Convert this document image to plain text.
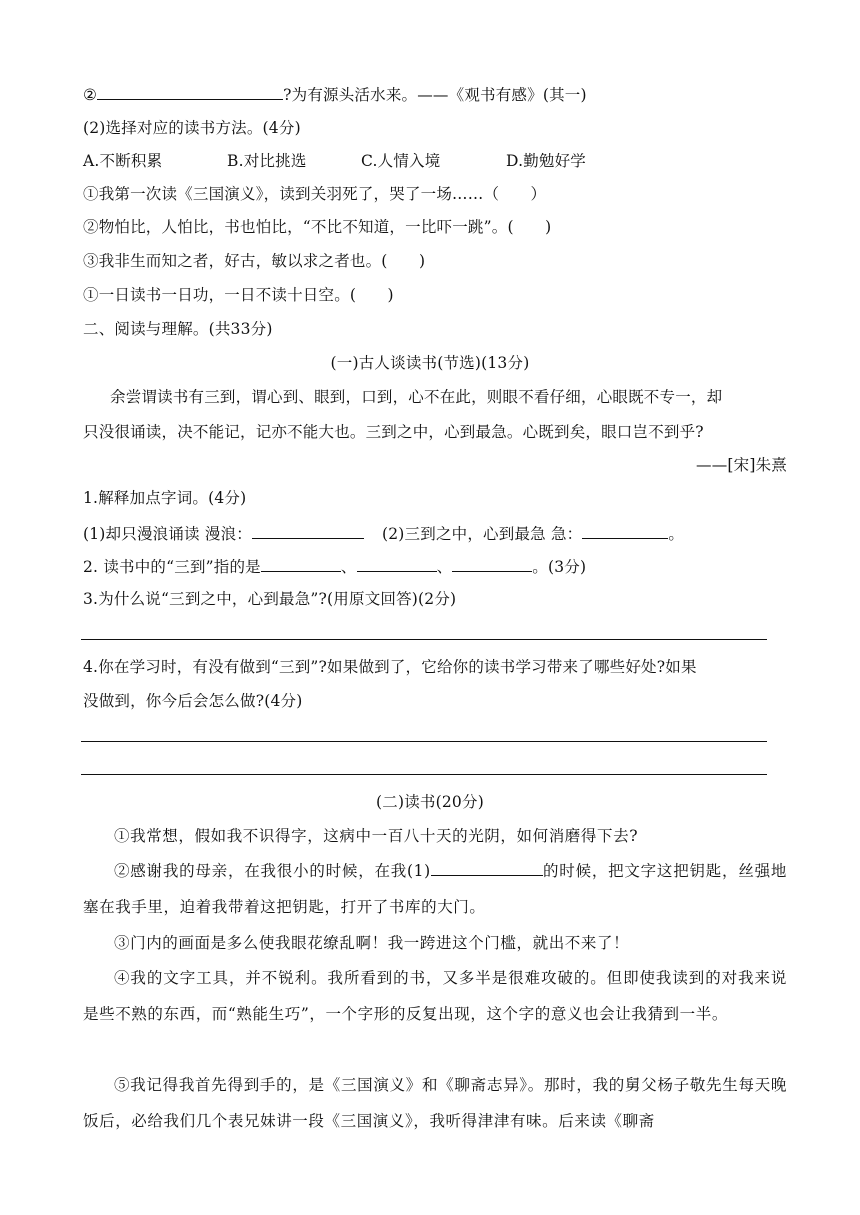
②	?为有源头活水来。——《观书有感》(其一)
(2)选择对应的读书方法。(4分)
A.不断积累	B.对比挑选	C.人情入境	D.勤勉好学
①我第一次读《三国演义》，读到关羽死了，哭了一场……（　　）
②物怕比，人怕比，书也怕比，“不比不知道，一比吓一跳”。(　　)
③我非生而知之者，好古，敏以求之者也。(　　)
①一日读书一日功，一日不读十日空。(　　)
二、阅读与理解。(共33分)
(一)古人谈读书(节选)(13分)
余尝谓读书有三到，谓心到、眼到，口到，心不在此，则眼不看仔细，心眼既不专一，却
只没很诵读，决不能记，记亦不能大也。三到之中，心到最急。心既到矣，眼口岂不到乎?
——[宋]朱熹
1.解释加点字词。(4分)
(1)却只漫浪诵读 漫浪：	(2)三到之中，心到最急 急：	。
2. 读书中的“三到”指的是	、	、	。(3分)
3.为什么说“三到之中，心到最急”?(用原文回答)(2分)
4.你在学习时，有没有做到“三到”?如果做到了，它给你的读书学习带来了哪些好处?如果
没做到，你今后会怎么做?(4分)
(二)读书(20分)
①我常想，假如我不识得字，这病中一百八十天的光阴，如何消磨得下去?
②感谢我的母亲，在我很小的时候，在我(1)	的时候，把文字这把钥匙，丝强地塞在我手里，迫着我带着这把钥匙，打开了书库的大门。
③门内的画面是多么使我眼花缭乱啊！我一跨进这个门槛，就出不来了！
④我的文字工具，并不锐利。我所看到的书，又多半是很难攻破的。但即使我读到的对我来说是些不熟的东西，而“熟能生巧”，一个字形的反复出现，这个字的意义也会让我猜到一半。
⑤我记得我首先得到手的，是《三国演义》和《聊斋志异》。那时，我的舅父杨子敬先生每天晚饭后，必给我们几个表兄妹讲一段《三国演义》，我听得津津有味。后来读《聊斋
